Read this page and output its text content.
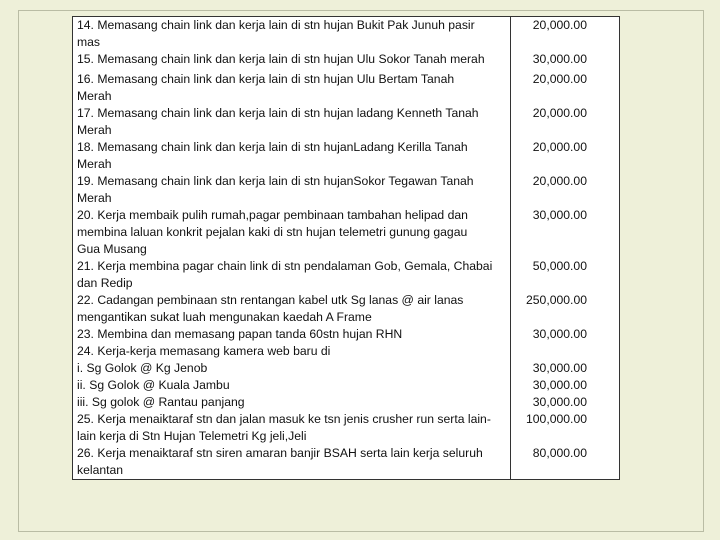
14. Memasang chain link dan kerja lain di stn hujan Bukit Pak Junuh pasir
mas
20,000.00
15. Memasang chain link dan kerja lain di stn hujan Ulu Sokor Tanah merah	30,000.00
16. Memasang chain link dan kerja lain di stn hujan Ulu Bertam Tanah
Merah
20,000.00
17. Memasang chain link dan kerja lain di stn hujan ladang Kenneth Tanah
Merah
20,000.00
18. Memasang chain link dan kerja lain di stn hujanLadang Kerilla Tanah
Merah
20,000.00
19. Memasang chain link dan kerja lain di stn hujanSokor Tegawan Tanah
Merah
20,000.00
20. Kerja membaik pulih rumah,pagar pembinaan tambahan helipad dan
membina laluan konkrit pejalan kaki di stn hujan telemetri gunung gagau
Gua Musang
30,000.00
21. Kerja membina pagar chain link di stn pendalaman Gob, Gemala, Chabai
dan Redip
50,000.00
22. Cadangan pembinaan stn rentangan kabel utk Sg lanas @ air lanas
mengantikan sukat luah mengunakan kaedah A Frame
250,000.00
23. Membina dan memasang papan tanda 60stn hujan RHN	30,000.00
24. Kerja-kerja memasang kamera web baru di
i. Sg Golok @ Kg Jenob	30,000.00
ii. Sg Golok @ Kuala Jambu	30,000.00
iii. Sg golok @ Rantau panjang	30,000.00
25. Kerja menaiktaraf stn dan jalan masuk ke tsn jenis crusher run serta lain-
lain kerja di Stn Hujan Telemetri Kg jeli,Jeli
100,000.00
26. Kerja menaiktaraf stn siren amaran banjir BSAH serta lain kerja seluruh
kelantan
80,000.00
